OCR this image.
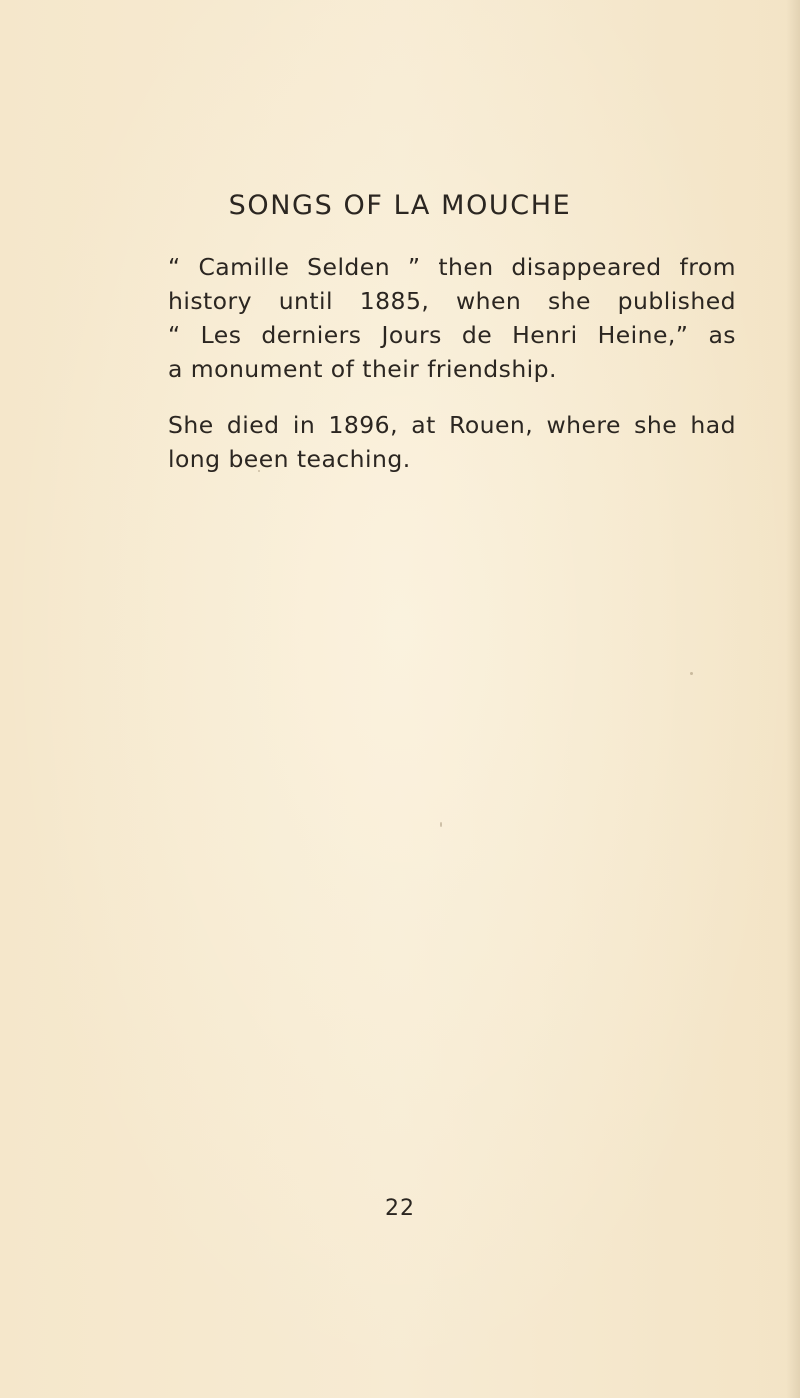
SONGS OF LA MOUCHE
“ Camille Selden ” then disappeared from
history until 1885, when she published
“ Les derniers Jours de Henri Heine,” as
a monument of their friendship.
She died in 1896, at Rouen, where she had
long been teaching.
22
